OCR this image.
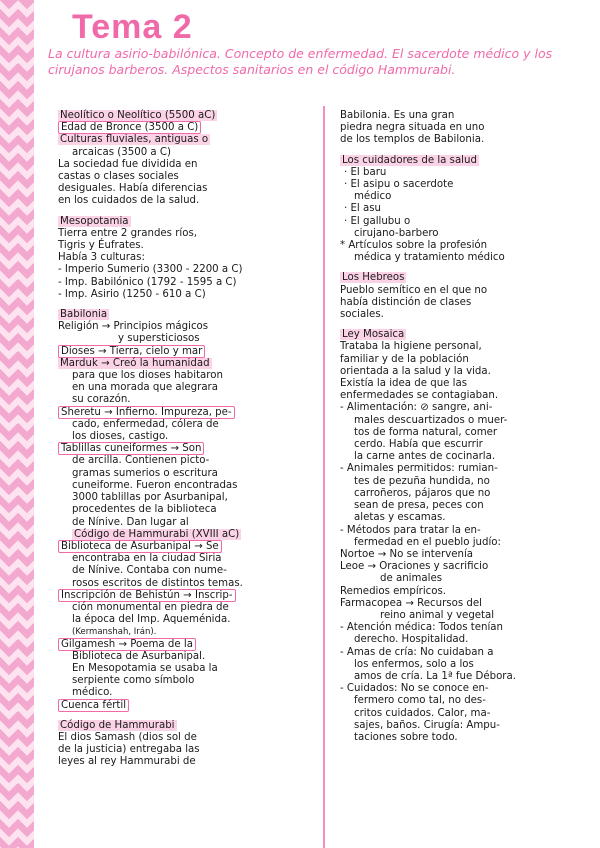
Tema 2
La cultura asirio-babilónica. Concepto de enfermedad. El sacerdote médico y los cirujanos barberos. Aspectos sanitarios en el código Hammurabi.

Neolítico o Neolítico (5500 aC)

Edad de Bronce (3500 a C)

Culturas fluviales, antiguas o

arcaicas (3500 a C)

La sociedad fue dividida en

castas o clases sociales

desiguales. Había diferencias

en los cuidados de la salud.

Mesopotamia

Tierra entre 2 grandes ríos,

Tigris y Éufrates.

Había 3 culturas:

- Imperio Sumerio (3300 - 2200 a C)

- Imp. Babilónico (1792 - 1595 a C)

- Imp. Asirio (1250 - 610 a C)

Babilonia

Religión → Principios mágicos

y supersticiosos

Dioses → Tierra, cielo y mar

Marduk → Creó la humanidad

para que los dioses habitaron

en una morada que alegrara

su corazón.

Sheretu → Infierno. Impureza, pe-

cado, enfermedad, cólera de

los dioses, castigo.

Tablillas cuneiformes → Son

de arcilla. Contienen picto-

gramas sumerios o escritura

cuneiforme. Fueron encontradas

3000 tablillas por Asurbanipal,

procedentes de la biblioteca

de Nínive. Dan lugar al

Código de Hammurabi (XVIII aC)

Biblioteca de Asurbanipal → Se

encontraba en la ciudad Siria

de Nínive. Contaba con nume-

rosos escritos de distintos temas.

Inscripción de Behistún → Inscrip-

ción monumental en piedra de

la época del Imp. Aqueménida.

(Kermanshah, Irán).

Gilgamesh → Poema de la

Biblioteca de Asurbanipal.

En Mesopotamia se usaba la

serpiente como símbolo

médico.

Cuenca fértil

Código de Hammurabi

El dios Samash (dios sol de

de la justicia) entregaba las

leyes al rey Hammurabi de

Babilonia. Es una gran

piedra negra situada en uno

de los templos de Babilonia.

Los cuidadores de la salud

· El baru

· El asipu o sacerdote

médico

· El asu

· El gallubu o

cirujano-barbero

* Artículos sobre la profesión

médica y tratamiento médico

Los Hebreos

Pueblo semítico en el que no

había distinción de clases

sociales.

Ley Mosaica

Trataba la higiene personal,

familiar y de la población

orientada a la salud y la vida.

Existía la idea de que las

enfermedades se contagiaban.

- Alimentación: ⊘ sangre, ani-

males descuartizados o muer-

tos de forma natural, comer

cerdo. Había que escurrir

la carne antes de cocinarla.

- Animales permitidos: rumian-

tes de pezuña hundida, no

carroñeros, pájaros que no

sean de presa, peces con

aletas y escamas.

- Métodos para tratar la en-

fermedad en el pueblo judío:

Nortoe → No se intervenía

Leoe → Oraciones y sacrificio

de animales

Remedios empíricos.

Farmacopea → Recursos del

reino animal y vegetal

- Atención médica: Todos tenían

derecho. Hospitalidad.

- Amas de cría: No cuidaban a

los enfermos, solo a los

amos de cría. La 1ª fue Débora.

- Cuidados: No se conoce en-

fermero como tal, no des-

critos cuidados. Calor, ma-

sajes, baños. Cirugía: Ampu-

taciones sobre todo.
